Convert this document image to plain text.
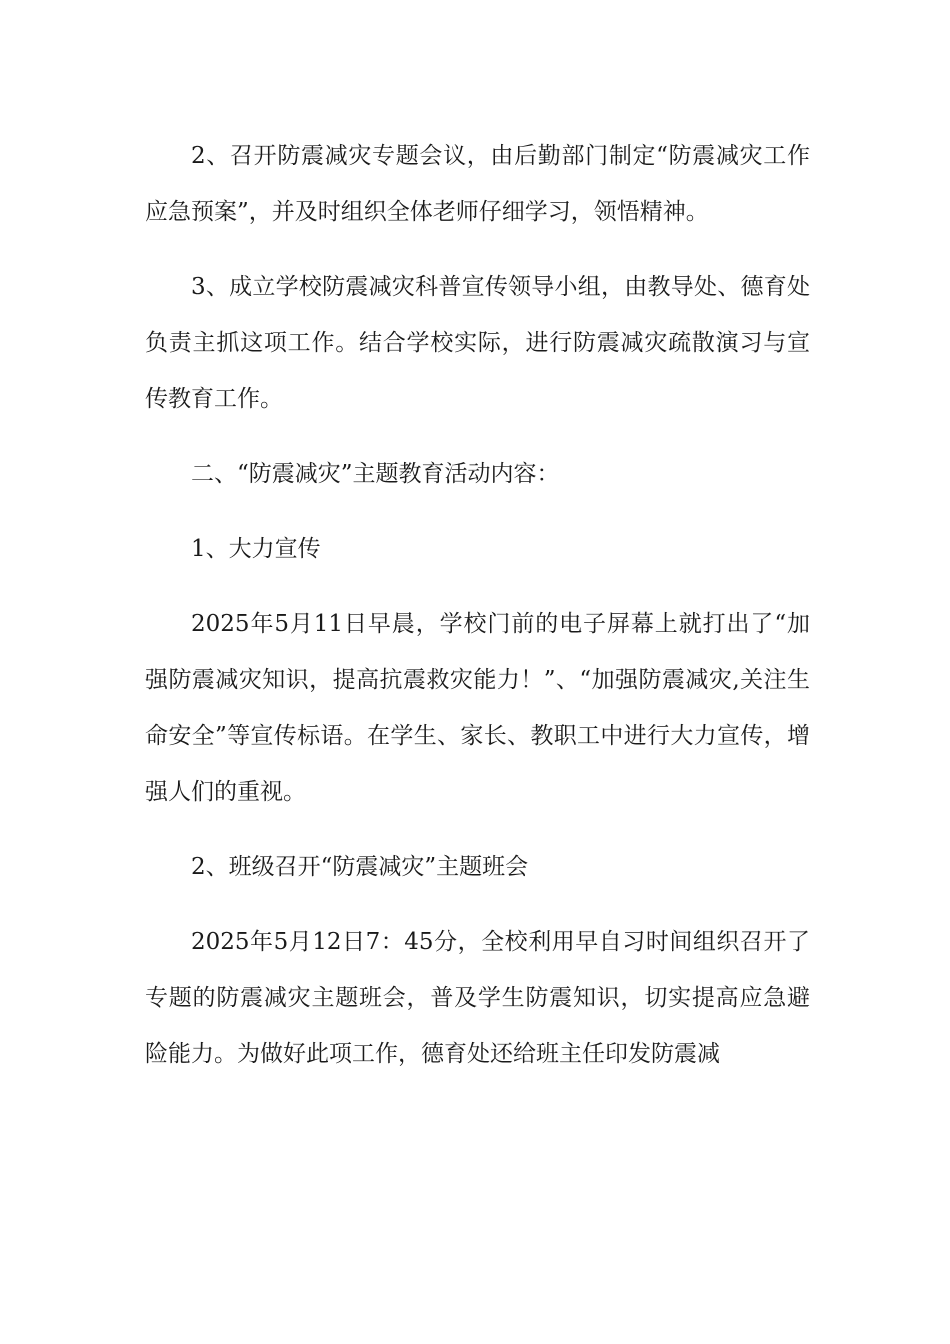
2、召开防震减灾专题会议，由后勤部门制定“防震减灾工作应急预案”，并及时组织全体老师仔细学习，领悟精神。

3、成立学校防震减灾科普宣传领导小组，由教导处、德育处负责主抓这项工作。结合学校实际，进行防震减灾疏散演习与宣传教育工作。

二、“防震减灾”主题教育活动内容：

1、大力宣传

2025年5月11日早晨，学校门前的电子屏幕上就打出了“加强防震减灾知识，提高抗震救灾能力！”、“加强防震减灾,关注生命安全”等宣传标语。在学生、家长、教职工中进行大力宣传，增强人们的重视。

2、班级召开“防震减灾”主题班会

2025年5月12日7：45分，全校利用早自习时间组织召开了专题的防震减灾主题班会，普及学生防震知识，切实提高应急避险能力。为做好此项工作，德育处还给班主任印发防震减
